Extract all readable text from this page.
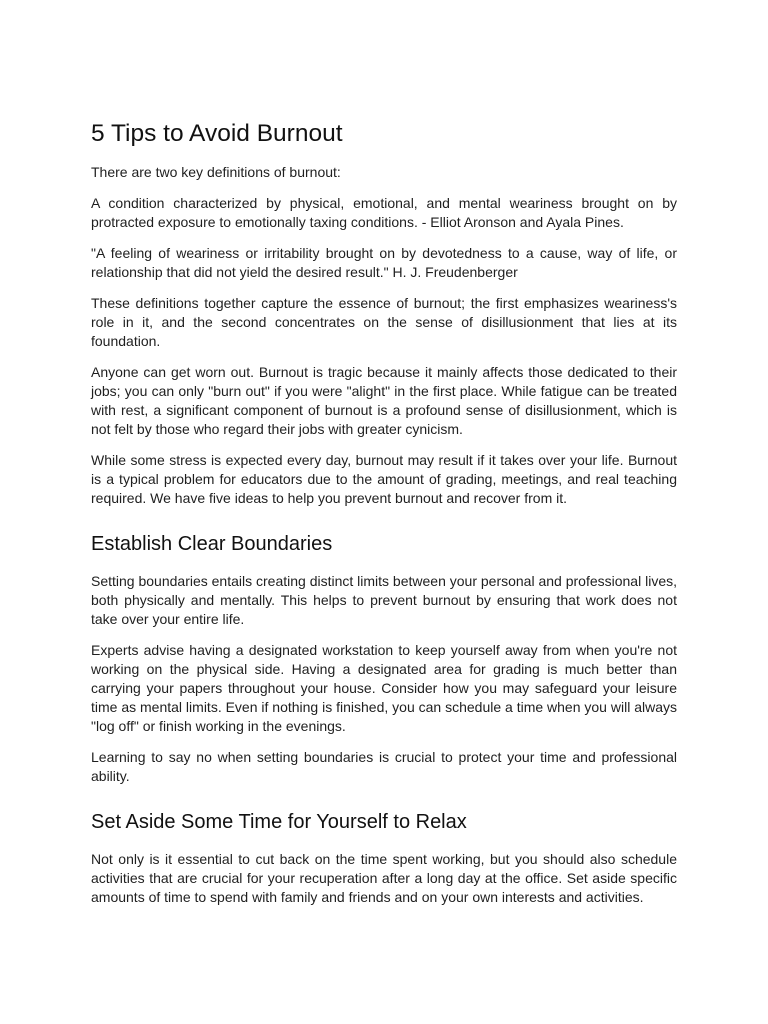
5 Tips to Avoid Burnout

There are two key definitions of burnout:

A condition characterized by physical, emotional, and mental weariness brought on by protracted exposure to emotionally taxing conditions. - Elliot Aronson and Ayala Pines.

"A feeling of weariness or irritability brought on by devotedness to a cause, way of life, or relationship that did not yield the desired result." H. J. Freudenberger

These definitions together capture the essence of burnout; the first emphasizes weariness's role in it, and the second concentrates on the sense of disillusionment that lies at its foundation.

Anyone can get worn out. Burnout is tragic because it mainly affects those dedicated to their jobs; you can only "burn out" if you were "alight" in the first place. While fatigue can be treated with rest, a significant component of burnout is a profound sense of disillusionment, which is not felt by those who regard their jobs with greater cynicism.

While some stress is expected every day, burnout may result if it takes over your life. Burnout is a typical problem for educators due to the amount of grading, meetings, and real teaching required. We have five ideas to help you prevent burnout and recover from it.

Establish Clear Boundaries

Setting boundaries entails creating distinct limits between your personal and professional lives, both physically and mentally. This helps to prevent burnout by ensuring that work does not take over your entire life.

Experts advise having a designated workstation to keep yourself away from when you're not working on the physical side. Having a designated area for grading is much better than carrying your papers throughout your house. Consider how you may safeguard your leisure time as mental limits. Even if nothing is finished, you can schedule a time when you will always "log off" or finish working in the evenings.

Learning to say no when setting boundaries is crucial to protect your time and professional ability.

Set Aside Some Time for Yourself to Relax

Not only is it essential to cut back on the time spent working, but you should also schedule activities that are crucial for your recuperation after a long day at the office. Set aside specific amounts of time to spend with family and friends and on your own interests and activities.
